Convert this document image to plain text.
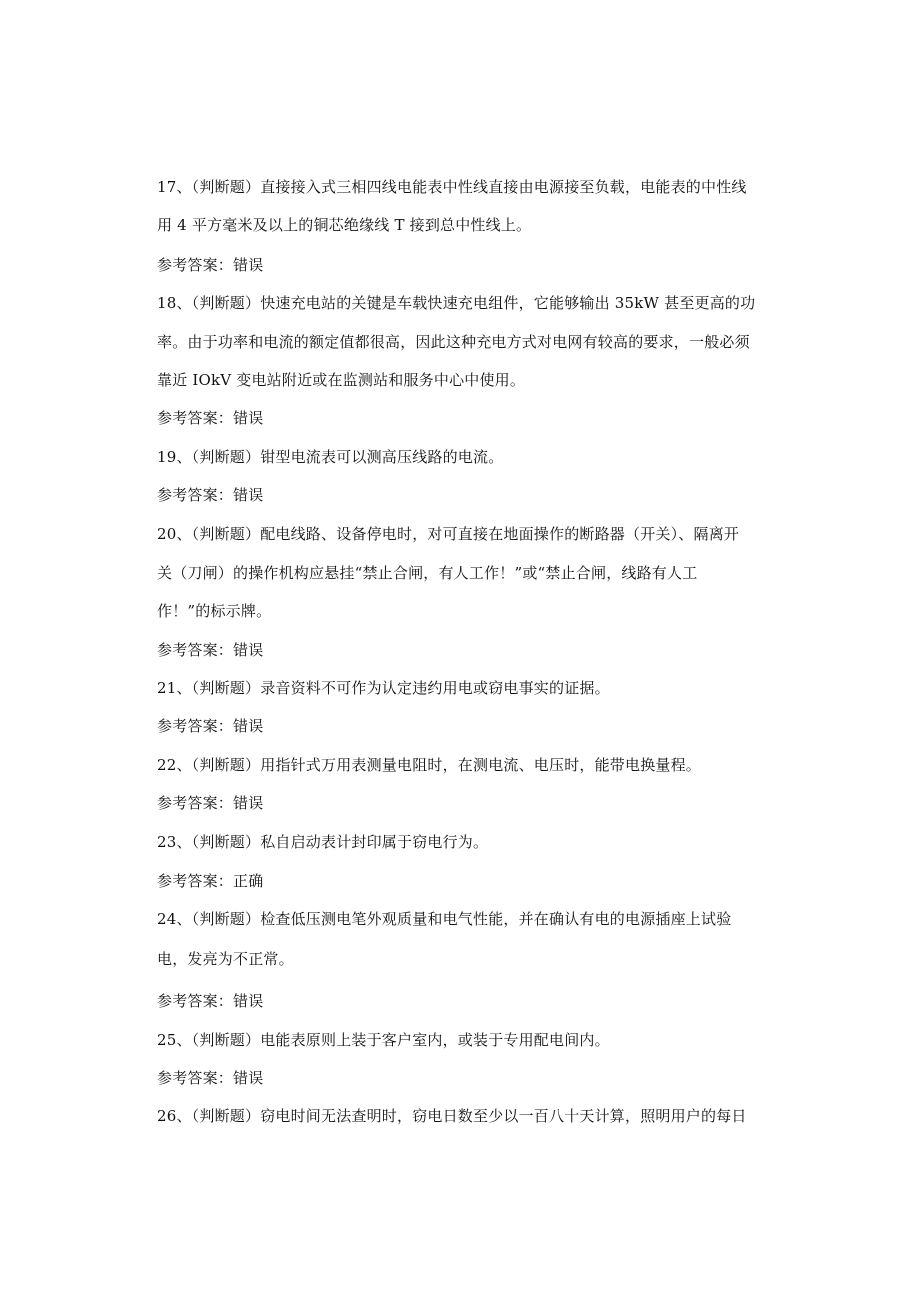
17、（判断题）直接接入式三相四线电能表中性线直接由电源接至负载，电能表的中性线
用 4 平方毫米及以上的铜芯绝缘线 T 接到总中性线上。
参考答案：错误
18、（判断题）快速充电站的关键是车载快速充电组件，它能够输出 35kW 甚至更高的功
率。由于功率和电流的额定值都很高，因此这种充电方式对电网有较高的要求，一般必须
靠近 IOkV 变电站附近或在监测站和服务中心中使用。
参考答案：错误
19、（判断题）钳型电流表可以测高压线路的电流。
参考答案：错误
20、（判断题）配电线路、设备停电时，对可直接在地面操作的断路器（开关）、隔离开
关（刀闸）的操作机构应悬挂“禁止合闸，有人工作！”或“禁止合闸，线路有人工
作！”的标示牌。
参考答案：错误
21、（判断题）录音资料不可作为认定违约用电或窃电事实的证据。
参考答案：错误
22、（判断题）用指针式万用表测量电阻时，在测电流、电压时，能带电换量程。
参考答案：错误
23、（判断题）私自启动表计封印属于窃电行为。
参考答案：正确
24、（判断题）检查低压测电笔外观质量和电气性能，并在确认有电的电源插座上试验
电，发亮为不正常。
参考答案：错误
25、（判断题）电能表原则上装于客户室内，或装于专用配电间内。
参考答案：错误
26、（判断题）窃电时间无法查明时，窃电日数至少以一百八十天计算，照明用户的每日
